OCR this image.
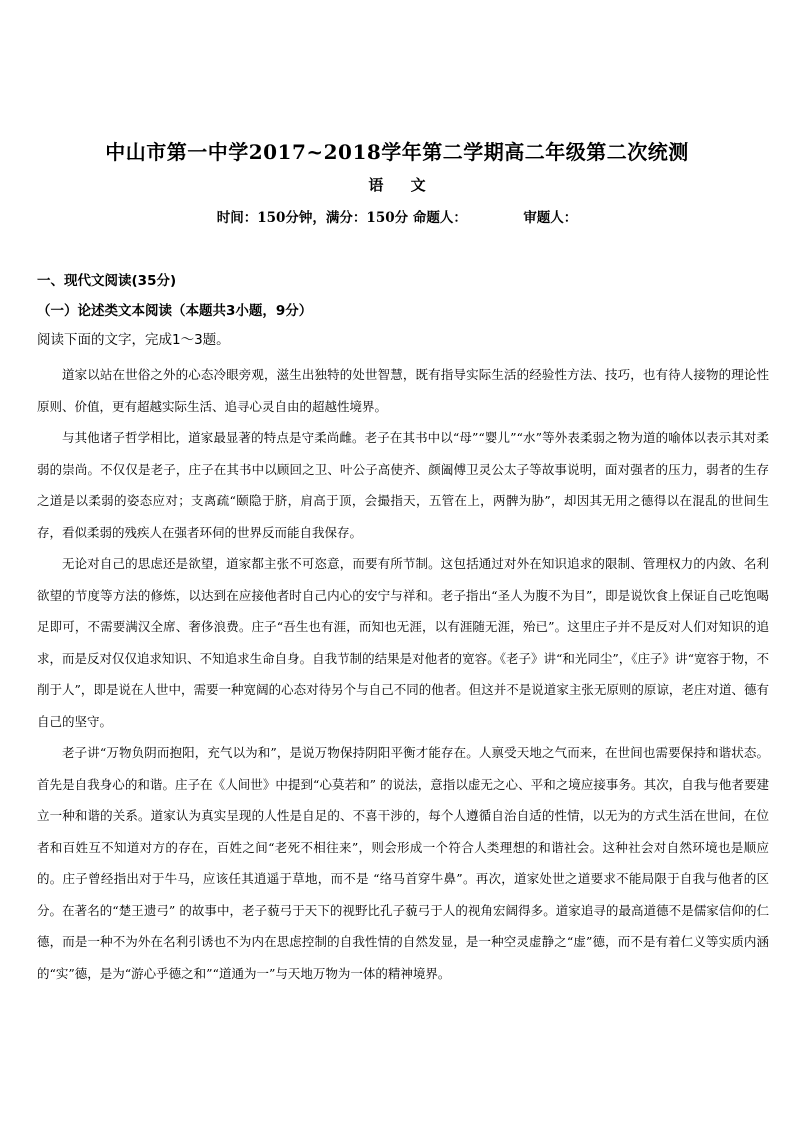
中山市第一中学2017~2018学年第二学期高二年级第二次统测
语 文
时间：150分钟，满分：150分 命题人：	审题人：
一、现代文阅读(35分)
（一）论述类文本阅读（本题共3小题，9分）
阅读下面的文字，完成1～3题。

道家以站在世俗之外的心态冷眼旁观，滋生出独特的处世智慧，既有指导实际生活的经验性方法、技巧，也有待人接物的理论性原则、价值，更有超越实际生活、追寻心灵自由的超越性境界。

与其他诸子哲学相比，道家最显著的特点是守柔尚雌。老子在其书中以“母”“婴儿”“水”等外表柔弱之物为道的喻体以表示其对柔弱的崇尚。不仅仅是老子，庄子在其书中以顾回之卫、叶公子高使齐、颜阖傅卫灵公太子等故事说明，面对强者的压力，弱者的生存之道是以柔弱的姿态应对；支离疏“颐隐于脐，肩高于顶，会撮指天，五管在上，两髀为胁”，却因其无用之德得以在混乱的世间生存，看似柔弱的残疾人在强者环伺的世界反而能自我保存。

无论对自己的思虑还是欲望，道家都主张不可恣意，而要有所节制。这包括通过对外在知识追求的限制、管理权力的内敛、名利欲望的节度等方法的修炼，以达到在应接他者时自己内心的安宁与祥和。老子指出“圣人为腹不为目”，即是说饮食上保证自己吃饱喝足即可，不需要满汉全席、奢侈浪费。庄子“吾生也有涯，而知也无涯，以有涯随无涯，殆已”。这里庄子并不是反对人们对知识的追求，而是反对仅仅追求知识、不知追求生命自身。自我节制的结果是对他者的宽容。《老子》讲“和光同尘”，《庄子》讲“宽容于物，不削于人”，即是说在人世中，需要一种宽阔的心态对待另个与自己不同的他者。但这并不是说道家主张无原则的原谅，老庄对道、德有自己的坚守。

老子讲“万物负阴而抱阳，充气以为和”，是说万物保持阴阳平衡才能存在。人禀受天地之气而来，在世间也需要保持和谐状态。首先是自我身心的和谐。庄子在《人间世》中提到“心莫若和” 的说法，意指以虚无之心、平和之境应接事务。其次，自我与他者要建立一种和谐的关系。道家认为真实呈现的人性是自足的、不喜干涉的，每个人遵循自治自适的性情，以无为的方式生活在世间，在位者和百姓互不知道对方的存在，百姓之间“老死不相往来”，则会形成一个符合人类理想的和谐社会。这种社会对自然环境也是顺应的。庄子曾经指出对于牛马，应该任其逍遥于草地，而不是 “络马首穿牛鼻”。再次，道家处世之道要求不能局限于自我与他者的区分。在著名的“楚王遗弓” 的故事中，老子藐弓于天下的视野比孔子藐弓于人的视角宏阔得多。道家追寻的最高道德不是儒家信仰的仁德，而是一种不为外在名利引诱也不为内在思虑控制的自我性情的自然发显，是一种空灵虚静之“虚”德，而不是有着仁义等实质内涵的“实”德，是为“游心乎德之和”“道通为一”与天地万物为一体的精神境界。
